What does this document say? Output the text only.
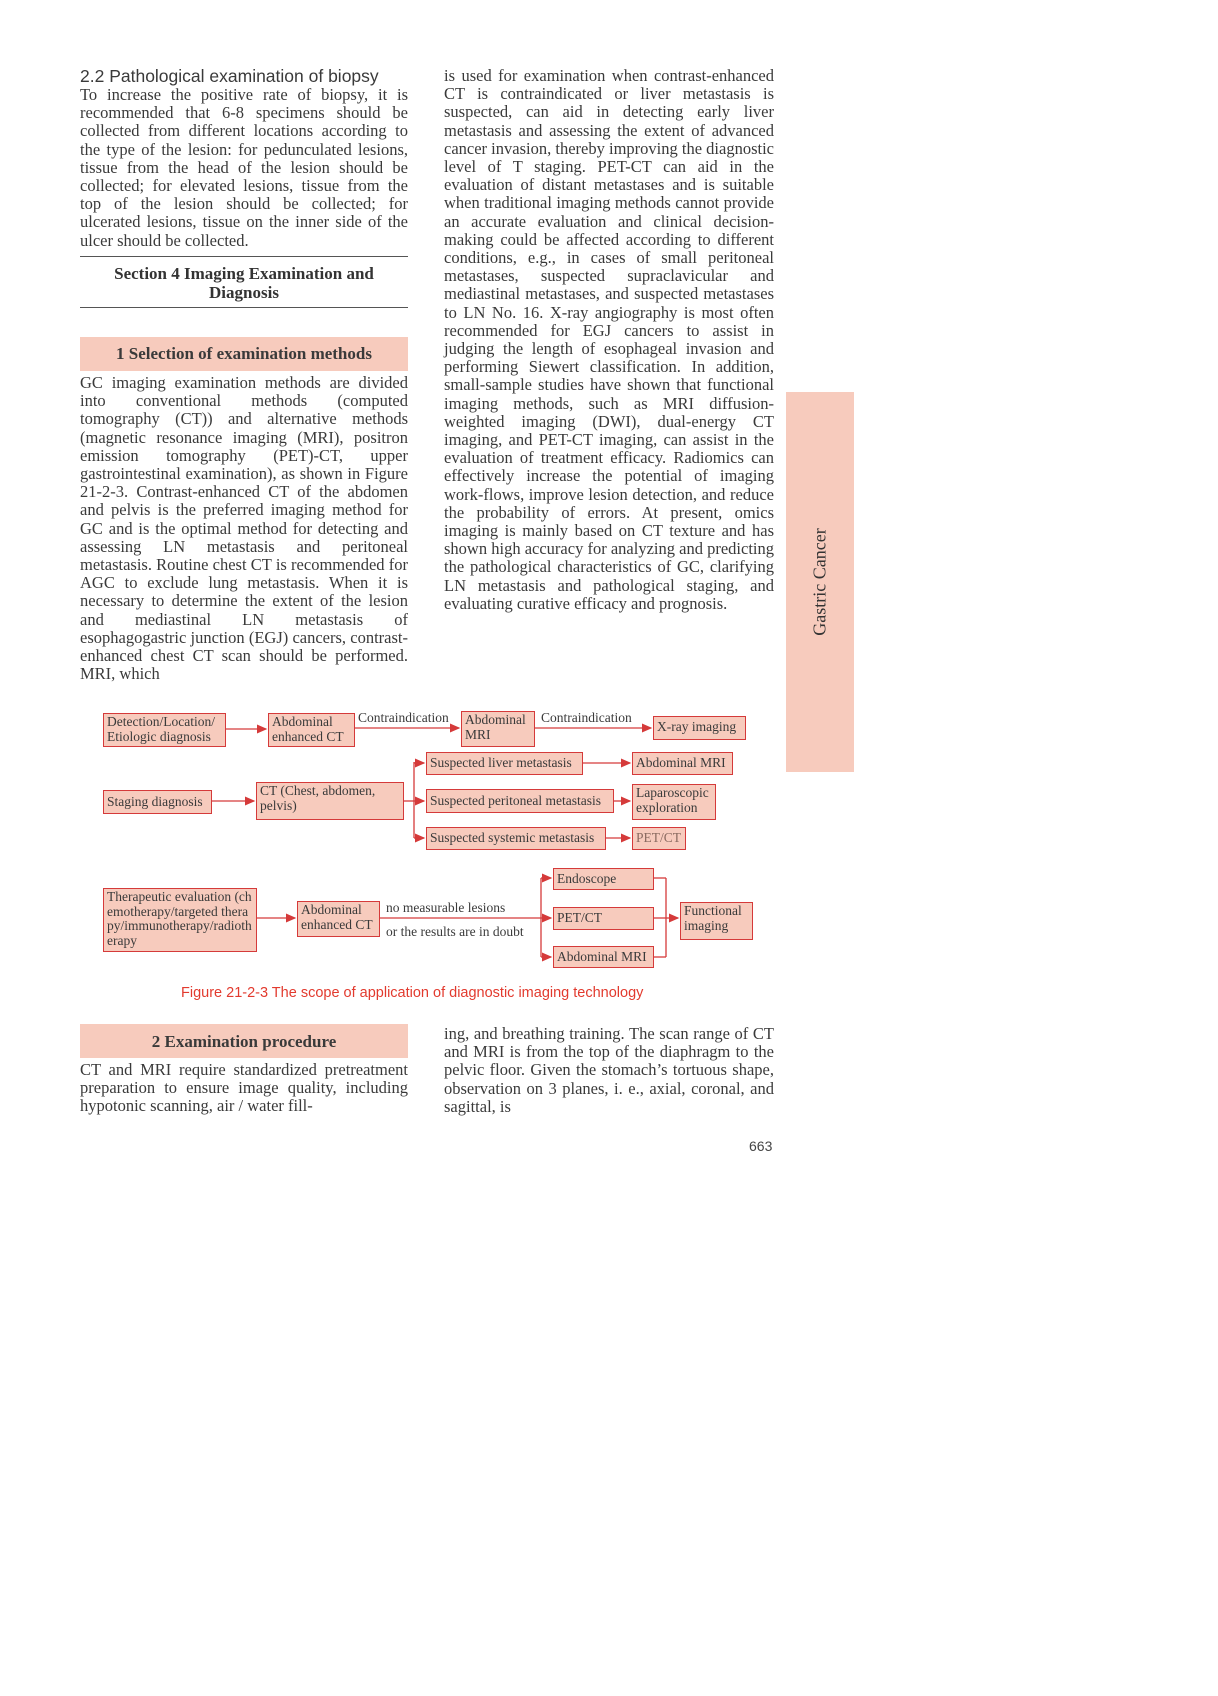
2.2 Pathological examination of biopsy

To increase the positive rate of biopsy, it is recommended that 6-8 specimens should be collected from different locations according to the type of the lesion: for pedunculated lesions, tissue from the head of the lesion should be collected; for elevated lesions, tissue from the top of the lesion should be collected; for ulcerated lesions, tissue on the inner side of the ulcer should be collected.

Section 4 Imaging Examination and Diagnosis
1 Selection of examination methods

GC imaging examination methods are divided into conventional methods (computed tomography (CT)) and alternative methods (magnetic resonance imaging (MRI), positron emission tomography (PET)-CT, upper gastrointestinal examination), as shown in Figure 21-2-3. Contrast-enhanced CT of the abdomen and pelvis is the preferred imaging method for GC and is the optimal method for detecting and assessing LN metastasis and peritoneal metastasis. Routine chest CT is recommended for AGC to exclude lung metastasis. When it is necessary to determine the extent of the lesion and mediastinal LN metastasis of esophagogastric junction (EGJ) cancers, contrast-enhanced chest CT scan should be performed. MRI, which

is used for examination when contrast-enhanced CT is contraindicated or liver metastasis is suspected, can aid in detecting early liver metastasis and assessing the extent of advanced cancer invasion, thereby improving the diagnostic level of T staging. PET-CT can aid in the evaluation of distant metastases and is suitable when traditional imaging methods cannot provide an accurate evaluation and clinical decision-making could be affected according to different conditions, e.g., in cases of small peritoneal metastases, suspected supraclavicular and mediastinal metastases, and suspected metastases to LN No. 16. X-ray angiography is most often recommended for EGJ cancers to assist in judging the length of esophageal invasion and performing Siewert classification. In addition, small-sample studies have shown that functional imaging methods, such as MRI diffusion-weighted imaging (DWI), dual-energy CT imaging, and PET-CT imaging, can assist in the evaluation of treatment efficacy. Radiomics can effectively increase the potential of imaging work-flows, improve lesion detection, and reduce the probability of errors. At present, omics imaging is mainly based on CT texture and has shown high accuracy for analyzing and predicting the pathological characteristics of GC, clarifying LN metastasis and pathological staging, and evaluating curative efficacy and prognosis.	Gastric Cancer
Detection/Location/ Etiologic diagnosis
Abdominal enhanced CT
Contraindication Abdominal MRI
Contraindication
X-ray imaging
Staging diagnosis
CT (Chest, abdomen, pelvis)
Suspected liver metastasis	Abdominal MRI
Suspected peritoneal metastasis
Laparoscopic exploration
Suspected systemic metastasis	PET/CT
Therapeutic evaluation (chemotherapy/targeted therapy/immunotherapy/radiotherapy
Abdominal enhanced CT
no measurable lesions
or the results are in doubt
Endoscope
PET/CT
Abdominal MRI
Functional imaging
Figure 21-2-3 The scope of application of diagnostic imaging technology
2 Examination procedure

CT and MRI require standardized pretreatment preparation to ensure image quality, including hypotonic scanning, air / water fill-

ing, and breathing training. The scan range of CT and MRI is from the top of the diaphragm to the pelvic floor. Given the stomach’s tortuous shape, observation on 3 planes, i. e., axial, coronal, and sagittal, is

663
